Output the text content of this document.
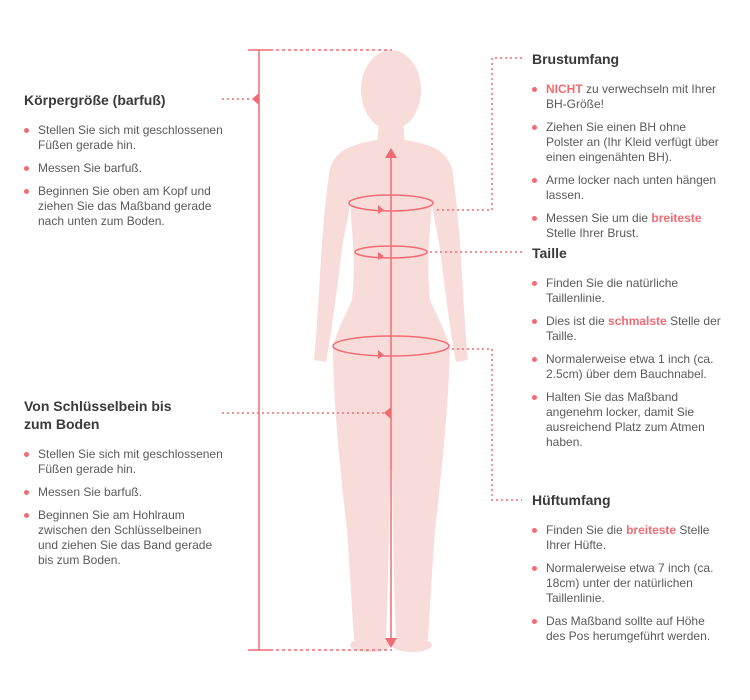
Körpergröße (barfuß)
Stellen Sie sich mit geschlossenen Füßen gerade hin.
Messen Sie barfuß.
Beginnen Sie oben am Kopf und ziehen Sie das Maßband gerade nach unten zum Boden.
Von Schlüsselbein bis zum Boden
Stellen Sie sich mit geschlossenen Füßen gerade hin.
Messen Sie barfuß.
Beginnen Sie am Hohlraum zwischen den Schlüsselbeinen und ziehen Sie das Band gerade bis zum Boden.
Brustumfang
NICHT zu verwechseln mit Ihrer BH-Größe!
Ziehen Sie einen BH ohne Polster an (Ihr Kleid verfügt über einen eingenähten BH).
Arme locker nach unten hängen lassen.
Messen Sie um die breiteste Stelle Ihrer Brust.
Taille
Finden Sie die natürliche Taillenlinie.
Dies ist die schmalste Stelle der Taille.
Normalerweise etwa 1 inch (ca. 2.5cm) über dem Bauchnabel.
Halten Sie das Maßband angenehm locker, damit Sie ausreichend Platz zum Atmen haben.
Hüftumfang
Finden Sie die breiteste Stelle Ihrer Hüfte.
Normalerweise etwa 7 inch (ca. 18cm) unter der natürlichen Taillenlinie.
Das Maßband sollte auf Höhe des Pos herumgeführt werden.
